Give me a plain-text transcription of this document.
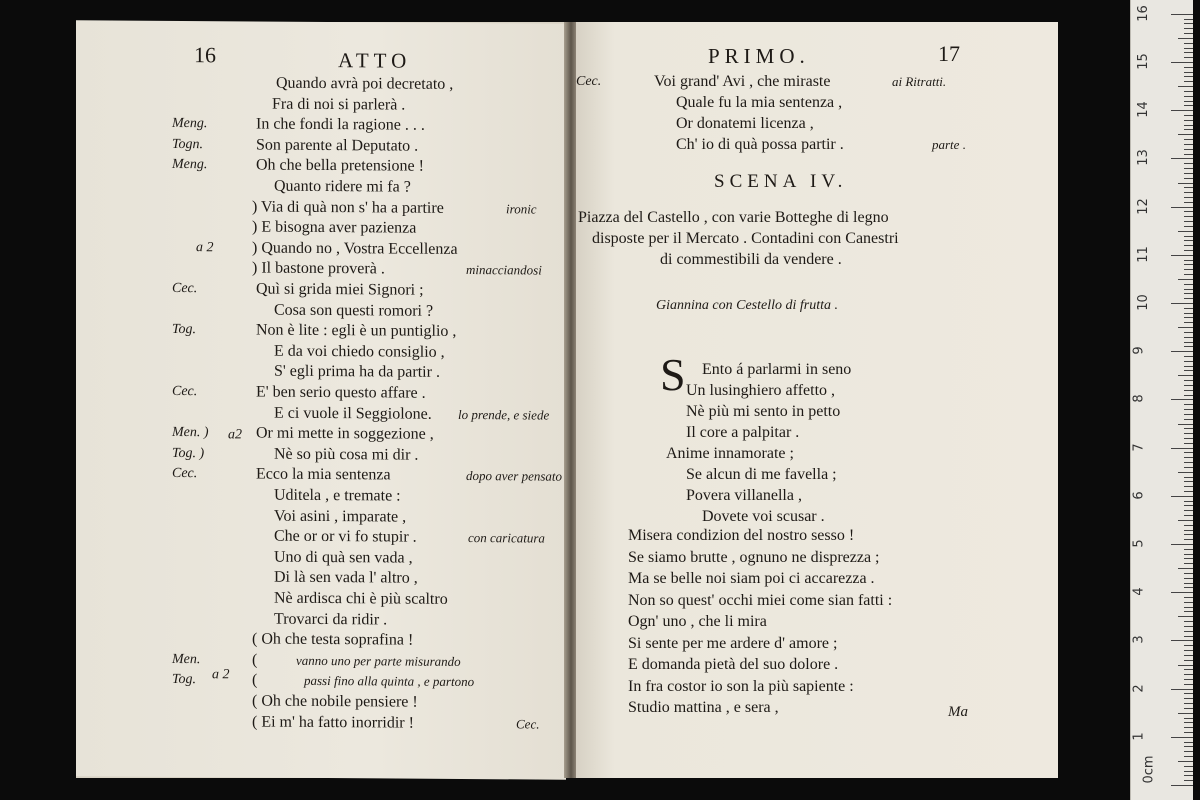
16	ATTO
Quando avrà poi decretato ,
Fra di noi si parlerà .
Meng.	In che fondi la ragione . . .
Togn.	Son parente al Deputato .
Meng.	Oh che bella pretensione !
Quanto ridere mi fa ?
) Via di quà non s' ha a partire	ironic
) E bisogna aver pazienza
a 2 ) Quando no , Vostra Eccellenza
) Il bastone proverà .	minacciandosi
Cec.	Quì si grida miei Signori ;
Cosa son questi romori ?
Tog.	Non è lite : egli è un puntiglio ,
E da voi chiedo consiglio ,
S' egli prima ha da partir .
Cec.	E' ben serio questo affare .
E ci vuole il Seggiolone. lo prende, e siede
Men. )	Or mi mette in soggezione ,
Tog. )	Nè so più cosa mi dir .
Cec.	Ecco la mia sentenza	dopo aver pensato
Uditela , e tremate :
Voi asini , imparate ,
Che or or vi fo stupir .	con caricatura
Uno di quà sen vada ,
Di là sen vada l' altro ,
Nè ardisca chi è più scaltro
Trovarci da ridir .
( Oh che testa soprafina !
Men.	(	vanno uno per parte misurando
Tog.	(	passi fino alla quinta , e partono
( Oh che nobile pensiere !
( Ei m' ha fatto inorridir !	Cec.
a2
a 2
PRIMO.	17
SCENA IV.
Giannina con Cestello di frutta .
S
Ma
Cec.	Voi grand' Avi , che miraste	ai Ritratti.
Quale fu la mia sentenza ,
Or donatemi licenza ,
Ch' io di quà possa partir .	parte .
Piazza del Castello , con varie Botteghe di legno
disposte per il Mercato . Contadini con Canestri
di commestibili da vendere .
Ento á parlarmi in seno
Un lusinghiero affetto ,
Nè più mi sento in petto
Il core a palpitar .
Anime innamorate ;
Se alcun di me favella ;
Povera villanella ,
Dovete voi scusar .
Misera condizion del nostro sesso !
Se siamo brutte , ognuno ne disprezza ;
Ma se belle noi siam poi ci accarezza .
Non so quest' occhi miei come sian fatti :
Ogn' uno , che li mira
Si sente per me ardere d' amore ;
E domanda pietà del suo dolore .
In fra costor io son la più sapiente :
Studio mattina , e sera ,
0cm
1
2
3
4
5
6
7
8
9
10
11
12
13
14
15
16
